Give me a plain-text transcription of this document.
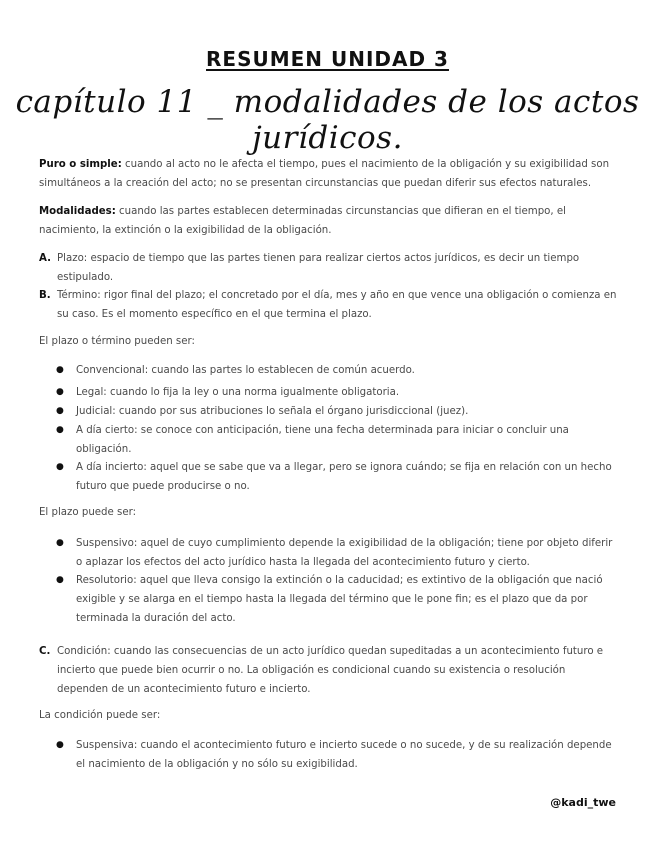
RESUMEN UNIDAD 3
capítulo 11 _ modalidades de los actos jurídicos.
Puro o simple: cuando al acto no le afecta el tiempo, pues el nacimiento de la obligación y su exigibilidad son simultáneos a la creación del acto; no se presentan circunstancias que puedan diferir sus efectos naturales.
Modalidades: cuando las partes establecen determinadas circunstancias que difieran en el tiempo, el nacimiento, la extinción o la exigibilidad de la obligación.
A. Plazo: espacio de tiempo que las partes tienen para realizar ciertos actos jurídicos, es decir un tiempo estipulado.
B. Término: rigor final del plazo; el concretado por el día, mes y año en que vence una obligación o comienza en su caso. Es el momento específico en el que termina el plazo.
El plazo o término pueden ser:
● Convencional: cuando las partes lo establecen de común acuerdo.
● Legal: cuando lo fija la ley o una norma igualmente obligatoria.
● Judicial: cuando por sus atribuciones lo señala el órgano jurisdiccional (juez).
● A día cierto: se conoce con anticipación, tiene una fecha determinada para iniciar o concluir una obligación.
● A día incierto: aquel que se sabe que va a llegar, pero se ignora cuándo; se fija en relación con un hecho futuro que puede producirse o no.
El plazo puede ser:
● Suspensivo: aquel de cuyo cumplimiento depende la exigibilidad de la obligación; tiene por objeto diferir o aplazar los efectos del acto jurídico hasta la llegada del acontecimiento futuro y cierto.
● Resolutorio: aquel que lleva consigo la extinción o la caducidad; es extintivo de la obligación que nació exigible y se alarga en el tiempo hasta la llegada del término que le pone fin; es el plazo que da por terminada la duración del acto.
C. Condición: cuando las consecuencias de un acto jurídico quedan supeditadas a un acontecimiento futuro e incierto que puede bien ocurrir o no. La obligación es condicional cuando su existencia o resolución dependen de un acontecimiento futuro e incierto.
La condición puede ser:
● Suspensiva: cuando el acontecimiento futuro e incierto sucede o no sucede, y de su realización depende el nacimiento de la obligación y no sólo su exigibilidad.
@kadi_twe
